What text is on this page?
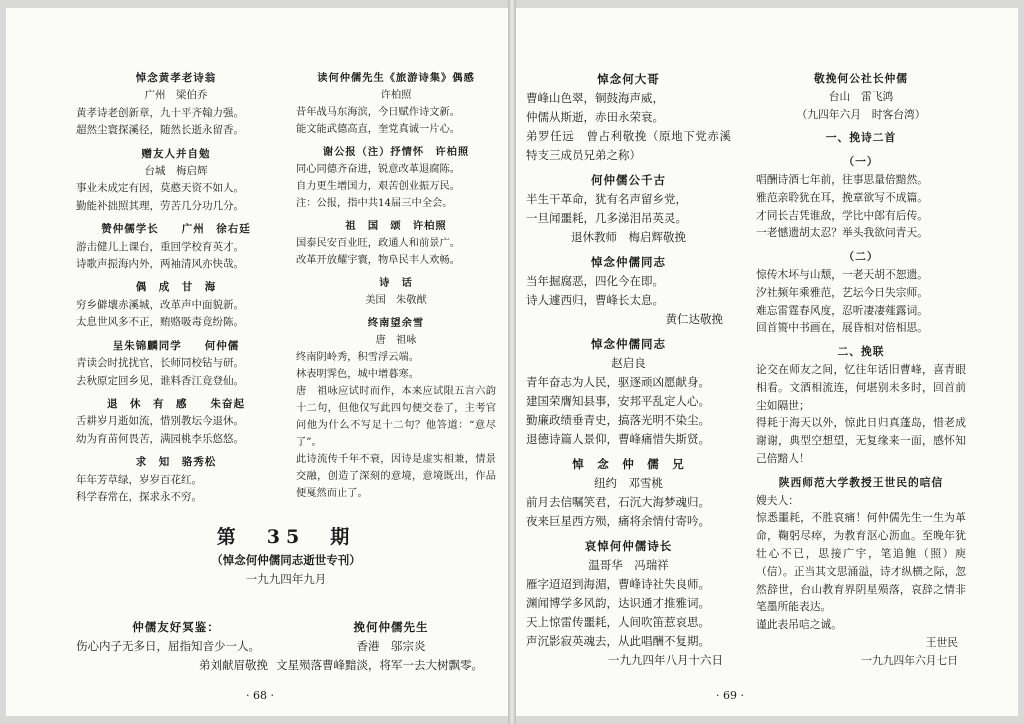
悼念黄孝老诗翁
广州　梁伯乔
黄孝诗老创新章，九十平齐翰力强。
超然尘寰探溪径，随然长逝永留香。
赠友人并自勉
台城　梅启辉
事业未成定有因，莫憨天资不如人。
勤能补拙照其理，劳苦几分功几分。
赞仲儒学长　　广州　徐右廷
游击健儿上课台，重回学校育英才。
诗歌声振海内外，两袖清风亦快哉。
偶　成　甘　海
穷乡僻壤赤溪城，改革声中面貌新。
太息世风多不正，贿赂吸毒竟纷陈。
呈朱锦麟同学　　何仲儒
青读会时扰扰官，长师同校钻与研。
去秋原定回乡见，谁料香江竟登仙。
退　休　有　感　　朱奋起
舌耕岁月逝如流，惜别教坛今退休。
幼为育苗何畏苦，满园桃李乐悠悠。
求　知　骆秀松
年年芳草绿，岁岁百花红。
科学春常在，探求永不穷。
读何仲儒先生《旅游诗集》偶感
许柏照
昔年战马东海滨，今日赋作诗文新。
能文能武德高直，奎党真诚一片心。
谢公报（注）抒情怀　许柏照
同心同德齐奋进，锐意改革退腐陈。
自力更生增国力，艰苦创业振万民。
注：公报，指中共14届三中全会。
祖　国　颂　许柏照
国泰民安百业旺，政通人和前景广。
改革开放耀宇寰，物阜民丰人欢畅。
诗　话
美国　朱敬猷
终南望余雪
唐　祖咏
终南阴岭秀，积雪浮云端。
林表明霁色，城中增暮寒。
唐　祖咏应试时而作，本来应试限五言六韵十二句，但他仅写此四句便交卷了，主考官问他为什么不写足十二句？他答道：“意尽了”。
此诗流传千年不衰，因诗是虚实相兼，情景交融，创造了深刻的意境，意境既出，作品便戛然而止了。
第　35　期
（悼念何仲儒同志逝世专刊）
一九九四年九月
仲儒友好冥鉴：
伤心内子无多日，屈指知音少一人。
弟刘献眉敬挽
挽何仲儒先生
香港　邬宗炎
文星殒落曹峰黯淡，将军一去大树飘零。
· 68 ·
悼念何大哥
曹峰山色翠，铜鼓海声威，
仲儒从斯逝，赤田永荣衰。
弟罗任远　曾占利敬挽（原地下党赤溪特支三成员兄弟之称）
何仲儒公千古
半生干革命，犹有名声留乡党，
一旦闻噩耗，几多涕泪吊英灵。
退休教师　梅启辉敬挽
悼念仲儒同志
当年掘腐恶，四化今在即。
诗人遽西归，曹峰长太息。
黄仁达敬挽
悼念仲儒同志
赵启良
青年奋志为人民，驱逐顽凶愿献身。
建国荣膺知县事，安邦平乱定人心。
勤廉政绩垂青史，搞落光明不染尘。
退德诗篇人景仰，曹峰痛惜失斯贤。
悼　念　仲　儒　兄
纽约　邓雪桃
前月去信嘱笑君，石沉大海梦魂归。
夜来巨星西方殒，痛将余情付寄吟。
哀悼何仲儒诗长
温哥华　冯瑞祥
雁字迢迢到海湄，曹峰诗社失良师。
渊闻博学多风韵，达识通才推雅词。
天上惊雷传噩耗，人间吹笛惹哀思。
声沉影寂英魂去，从此唱酬不复期。
一九九四年八月十六日
敬挽何公社长仲儒
台山　雷飞鸿
（九四年六月　时客台湾）
一、挽诗二首
（一）
唱酬诗酒七年前，往事思量倍黯然。
雅范亲聆犹在耳，挽章欲写不成篇。
才同长吉凭谁敌，学比中郎有后传。
一老憾遗胡太忍？举头我欲问青天。
（二）
惊传木坏与山颓，一老天胡不恕遗。
汐社频年乘雅范，艺坛今日失宗师。
难忘雷霆春风度，忍听凄凄薤露词。
回首篑中书画在，展昏相对倍相思。
二、挽联
论交在师友之间，忆往年话旧曹峰，喜青眼相看。文酒相流连，何堪别未多时，回首前尘如隔世；
得耗于海天以外，惊此日归真蓬岛，惜老成谢谢，典型空想望，无复缘来一面，感怀知己倍黯人！
陕西师范大学教授王世民的唁信
嫂夫人：
惊悉噩耗，不胜哀痛！何仲儒先生一生为革命，鞠躬尽瘁，为教育沤心沥血。至晚年犹壮心不已，思接广宇，笔追鲍（照）庾（信）。正当其文思涌溢，诗才纵横之际，忽然辞世，台山教育界阴星殒落，哀辞之情非笔墨所能表达。
谨此表吊唁之诚。
王世民
一九九四年六月七日
· 69 ·
